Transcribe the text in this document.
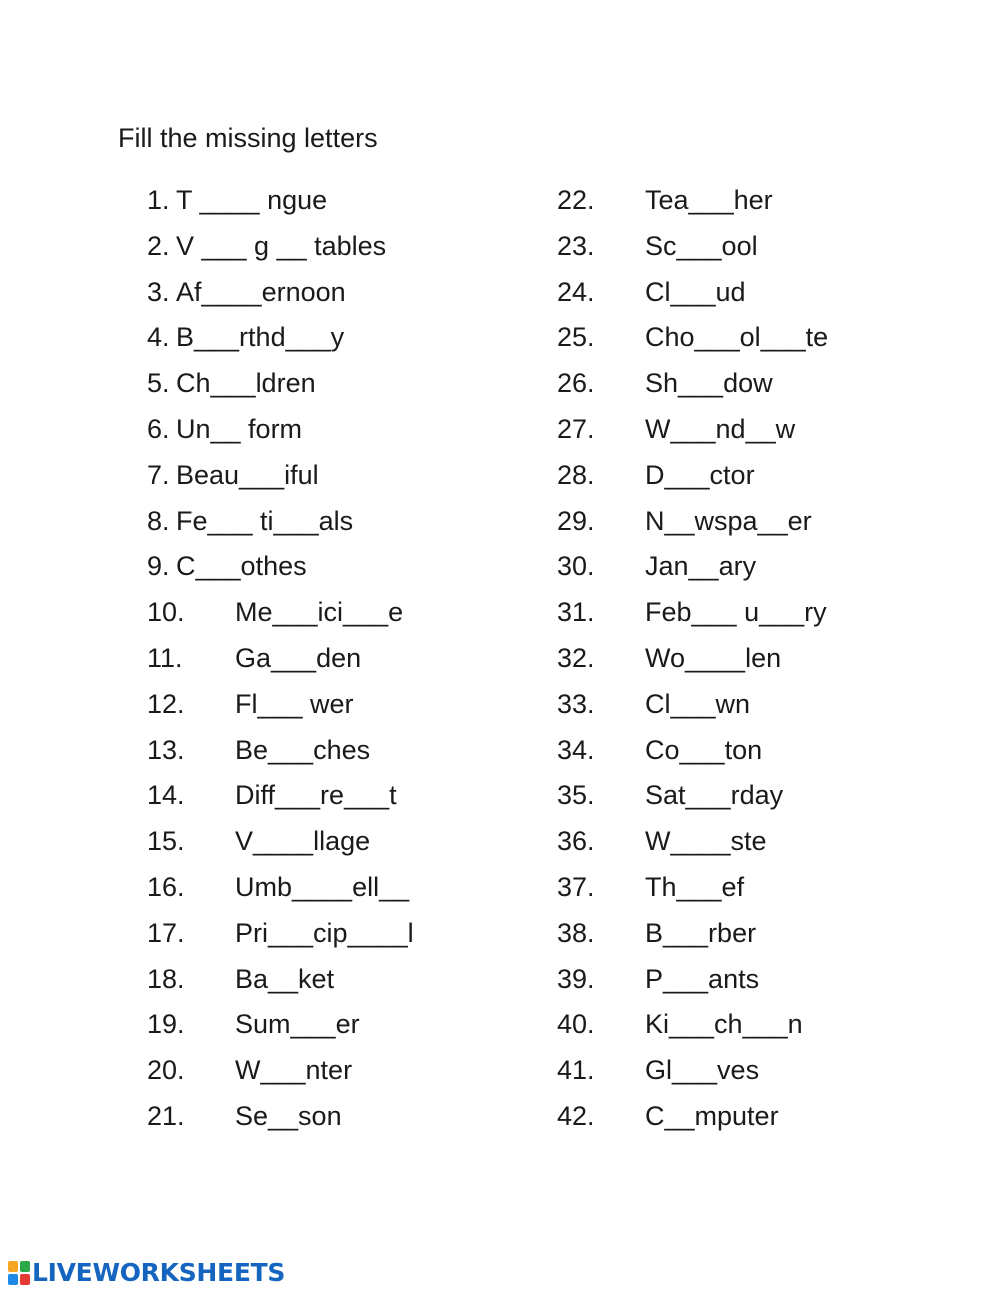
Fill the missing letters
1. T ____ ngue
2. V ___ g __ tables
3. Af____ernoon
4. B___rthd___y
5. Ch___ldren
6. Un__ form
7. Beau___iful
8. Fe___ ti___als
9. C___othes
10. Me___ici___e
11. Ga___den
12. Fl___ wer
13. Be___ches
14. Diff___re___t
15. V____llage
16. Umb____ell__
17. Pri___cip____l
18. Ba__ket
19. Sum___er
20. W___nter
21. Se__son
22. Tea___her
23. Sc___ool
24. Cl___ud
25. Cho___ol___te
26. Sh___dow
27. W___nd__w
28. D___ctor
29. N__wspa__er
30. Jan__ary
31. Feb___ u___ry
32. Wo____len
33. Cl___wn
34. Co___ton
35. Sat___rday
36. W____ste
37. Th___ef
38. B___rber
39. P___ants
40. Ki___ch___n
41. Gl___ves
42. C__mputer
LIVEWORKSHEETS
